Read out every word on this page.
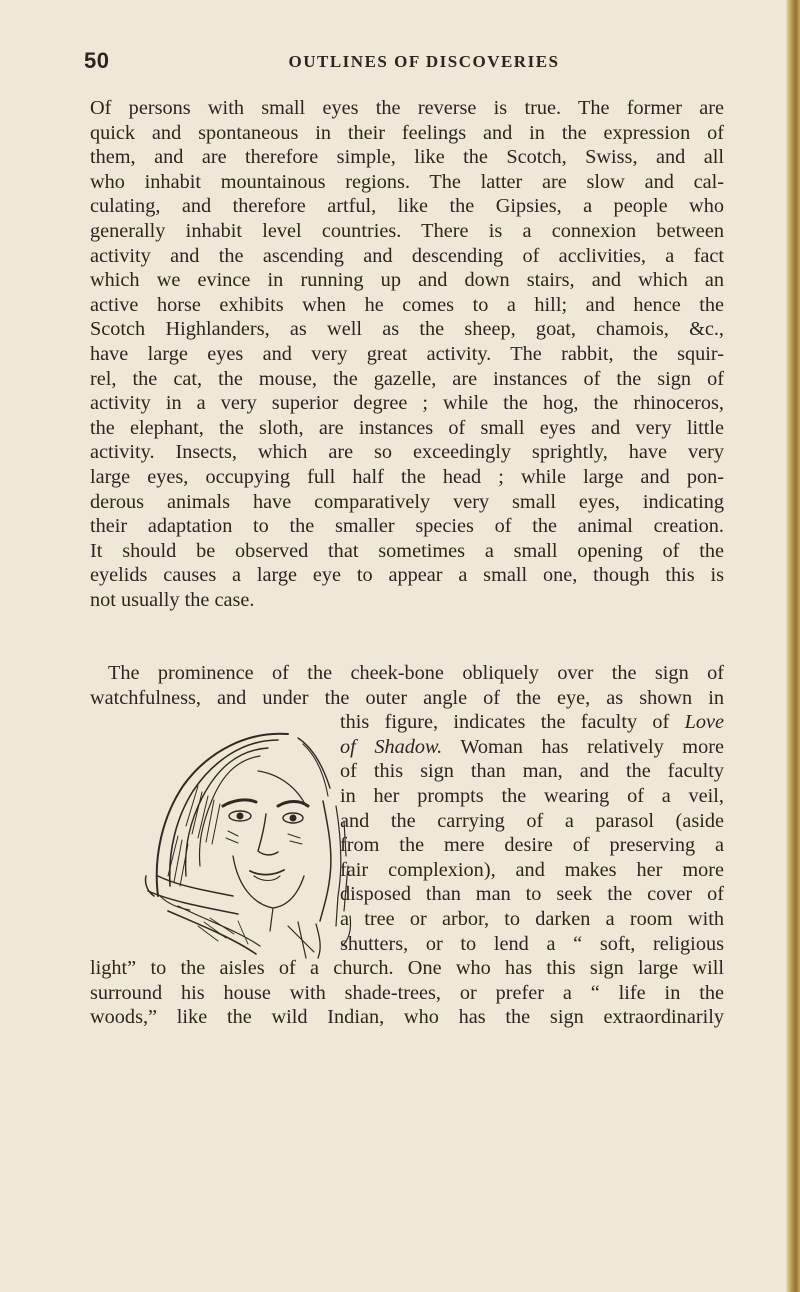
50	OUTLINES OF DISCOVERIES
Of persons with small eyes the reverse is true. The former are
quick and spontaneous in their feelings and in the expression of
them, and are therefore simple, like the Scotch, Swiss, and all
who inhabit mountainous regions. The latter are slow and cal-
culating, and therefore artful, like the Gipsies, a people who
generally inhabit level countries. There is a connexion between
activity and the ascending and descending of acclivities, a fact
which we evince in running up and down stairs, and which an
active horse exhibits when he comes to a hill; and hence the
Scotch Highlanders, as well as the sheep, goat, chamois, &c.,
have large eyes and very great activity. The rabbit, the squir-
rel, the cat, the mouse, the gazelle, are instances of the sign of
activity in a very superior degree ; while the hog, the rhinoceros,
the elephant, the sloth, are instances of small eyes and very little
activity. Insects, which are so exceedingly sprightly, have very
large eyes, occupying full half the head ; while large and pon-
derous animals have comparatively very small eyes, indicating
their adaptation to the smaller species of the animal creation.
It should be observed that sometimes a small opening of the
eyelids causes a large eye to appear a small one, though this is
not usually the case.
The prominence of the cheek-bone obliquely over the sign of
watchfulness, and under the outer angle of the eye, as shown in
this figure, indicates the faculty of Love
of Shadow. Woman has relatively more
of this sign than man, and the faculty
in her prompts the wearing of a veil,
and the carrying of a parasol (aside
from the mere desire of preserving a
fair complexion), and makes her more
disposed than man to seek the cover of
a tree or arbor, to darken a room with
shutters, or to lend a “ soft, religious
light” to the aisles of a church. One who has this sign large will
surround his house with shade-trees, or prefer a “ life in the
woods,” like the wild Indian, who has the sign extraordinarily
